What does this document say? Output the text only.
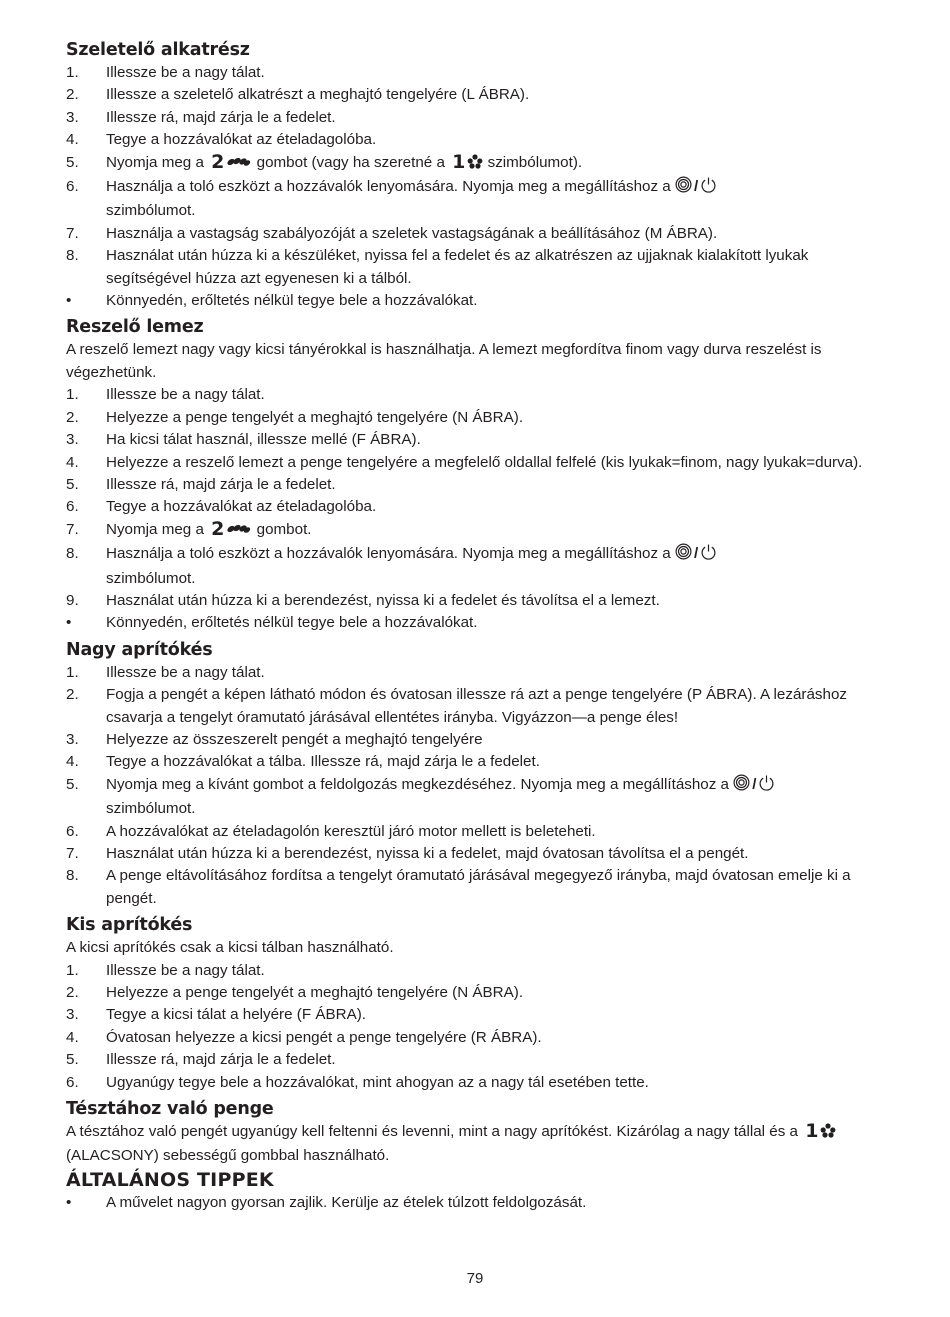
Szeletelő alkatrész
1. Illessze be a nagy tálat.
2. Illessze a szeletelő alkatrészt a meghajtó tengelyére (L ÁBRA).
3. Illessze rá, majd zárja le a fedelet.
4. Tegye a hozzávalókat az ételadagolóba.
5. Nyomja meg a 2 gombot (vagy ha szeretné a 1 szimbólumot).
6. Használja a toló eszközt a hozzávalók lenyomására. Nyomja meg a megállításhoz a /
szimbólumot.
7. Használja a vastagság szabályozóját a szeletek vastagságának a beállításához (M ÁBRA).
8. Használat után húzza ki a készüléket, nyissa fel a fedelet és az alkatrészen az ujjaknak kialakított lyukak segítségével húzza azt egyenesen ki a tálból.
• Könnyedén, erőltetés nélkül tegye bele a hozzávalókat.
Reszelő lemez

A reszelő lemezt nagy vagy kicsi tányérokkal is használhatja. A lemezt megfordítva finom vagy durva reszelést is végezhetünk.

1. Illessze be a nagy tálat.
2. Helyezze a penge tengelyét a meghajtó tengelyére (N ÁBRA).
3. Ha kicsi tálat használ, illessze mellé (F ÁBRA).
4. Helyezze a reszelő lemezt a penge tengelyére a megfelelő oldallal felfelé (kis lyukak=finom, nagy lyukak=durva).
5. Illessze rá, majd zárja le a fedelet.
6. Tegye a hozzávalókat az ételadagolóba.
7. Nyomja meg a 2 gombot.
8. Használja a toló eszközt a hozzávalók lenyomására. Nyomja meg a megállításhoz a /
szimbólumot.
9. Használat után húzza ki a berendezést, nyissa ki a fedelet és távolítsa el a lemezt.
• Könnyedén, erőltetés nélkül tegye bele a hozzávalókat.
Nagy aprítókés
1. Illessze be a nagy tálat.
2. Fogja a pengét a képen látható módon és óvatosan illessze rá azt a penge tengelyére (P ÁBRA). A lezáráshoz csavarja a tengelyt óramutató járásával ellentétes irányba. Vigyázzon—a penge éles!
3. Helyezze az összeszerelt pengét a meghajtó tengelyére
4. Tegye a hozzávalókat a tálba. Illessze rá, majd zárja le a fedelet.
5. Nyomja meg a kívánt gombot a feldolgozás megkezdéséhez. Nyomja meg a megállításhoz a /
szimbólumot.
6. A hozzávalókat az ételadagolón keresztül járó motor mellett is beleteheti.
7. Használat után húzza ki a berendezést, nyissa ki a fedelet, majd óvatosan távolítsa el a pengét.
8. A penge eltávolításához fordítsa a tengelyt óramutató járásával megegyező irányba, majd óvatosan emelje ki a pengét.
Kis aprítókés

A kicsi aprítókés csak a kicsi tálban használható.

1. Illessze be a nagy tálat.
2. Helyezze a penge tengelyét a meghajtó tengelyére (N ÁBRA).
3. Tegye a kicsi tálat a helyére (F ÁBRA).
4. Óvatosan helyezze a kicsi pengét a penge tengelyére (R ÁBRA).
5. Illessze rá, majd zárja le a fedelet.
6. Ugyanúgy tegye bele a hozzávalókat, mint ahogyan az a nagy tál esetében tette.
Tésztához való penge

A tésztához való pengét ugyanúgy kell feltenni és levenni, mint a nagy aprítókést. Kizárólag a nagy tállal és a 1 (ALACSONY) sebességű gombbal használható.

ÁLTALÁNOS TIPPEK
• A művelet nagyon gyorsan zajlik. Kerülje az ételek túlzott feldolgozását.
79
